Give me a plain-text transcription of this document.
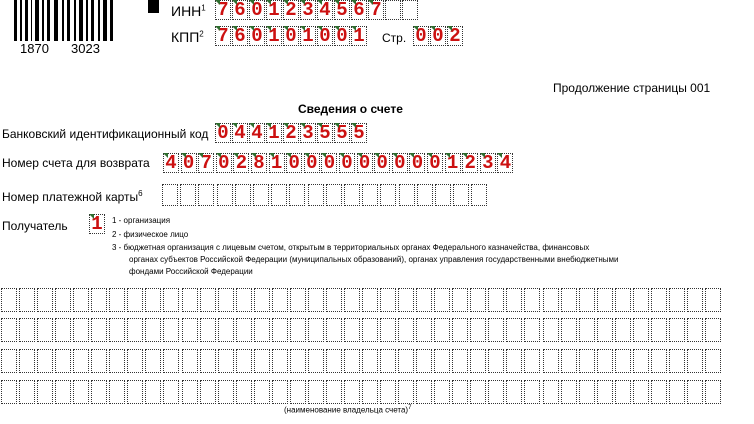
1870 3023
ИНН$^1$ 7 6 0 1 2 3 4 5 6 7
КПП$^2$ 7 6 0 1 0 1 0 0 1 Стр. 0 0 2
Продолжение страницы 001
Сведения о счете
Банковский идентификационный код 0 4 4 1 2 3 5 5 5
Номер счета для возврата 4 0 7 0 2 8 1 0 0 0 0 0 0 0 0 0 1 2 3 4
Номер платежной карты$^6$
Получатель 1 1 - организация
2 - физическое лицо
3 - бюджетная организация с лицевым счетом, открытым в территориальных органах Федерального казначейства, финансовых
органах субъектов Российской Федерации (муниципальных образований), органах управления государственными внебюджетными
фондами Российской Федерации
(наименование владельца счета)$^7$
